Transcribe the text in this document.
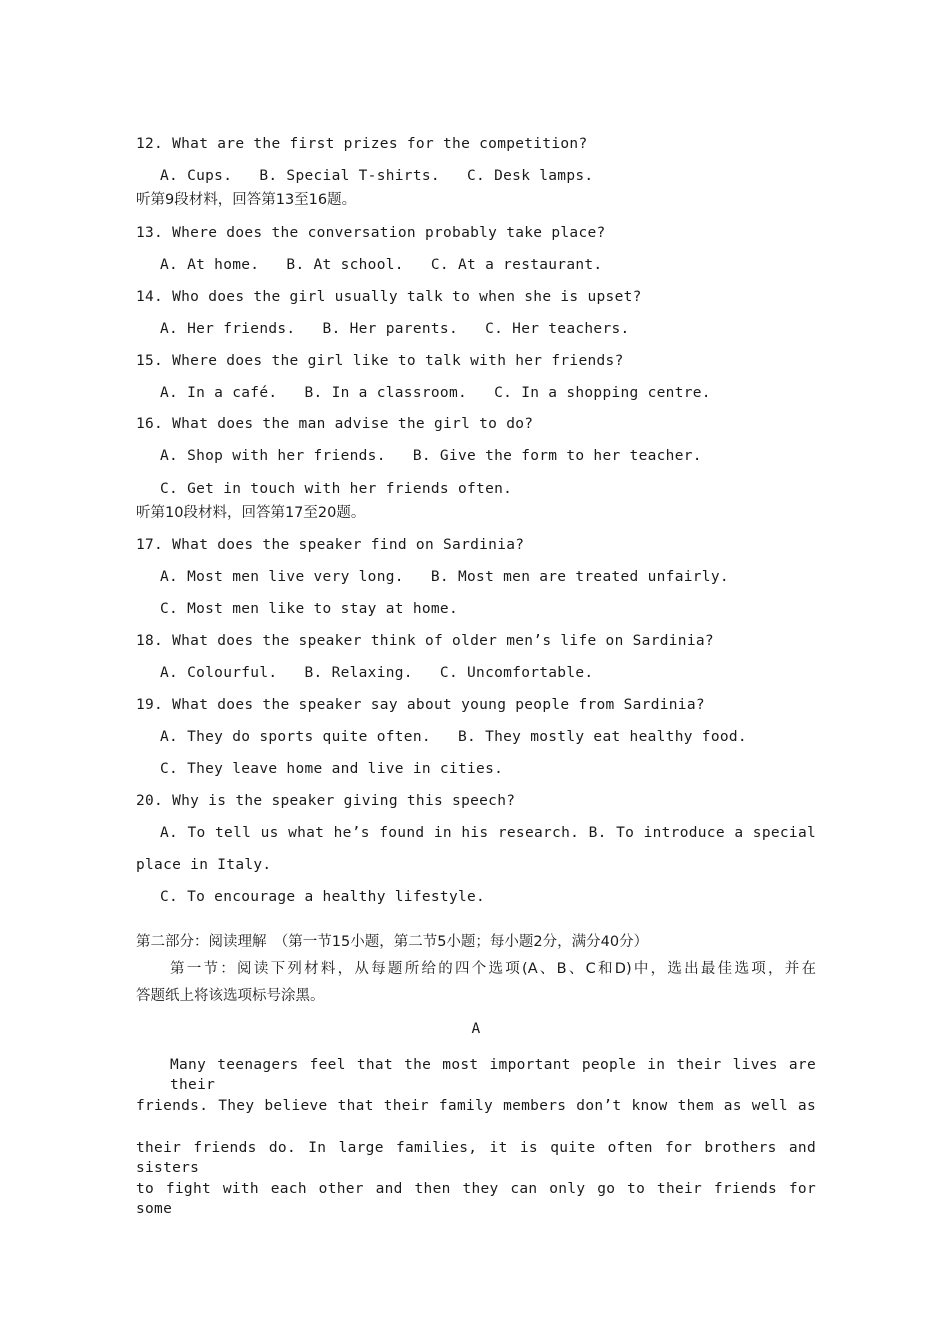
12. What are the first prizes for the competition?
A. Cups.   B. Special T-shirts.   C. Desk lamps.
听第9段材料，回答第13至16题。
13. Where does the conversation probably take place?
A. At home.   B. At school.   C. At a restaurant.
14. Who does the girl usually talk to when she is upset?
A. Her friends.   B. Her parents.   C. Her teachers.
15. Where does the girl like to talk with her friends?
A. In a café.   B. In a classroom.   C. In a shopping centre.
16. What does the man advise the girl to do?
A. Shop with her friends.   B. Give the form to her teacher.
C. Get in touch with her friends often.
听第10段材料，回答第17至20题。
17. What does the speaker find on Sardinia?
A. Most men live very long.   B. Most men are treated unfairly.
C. Most men like to stay at home.
18. What does the speaker think of older men’s life on Sardinia?
A. Colourful.   B. Relaxing.   C. Uncomfortable.
19. What does the speaker say about young people from Sardinia?
A. They do sports quite often.   B. They mostly eat healthy food.
C. They leave home and live in cities.
20. Why is the speaker giving this speech?
A. To tell us what he’s found in his research. B. To introduce a special
place in Italy.
C. To encourage a healthy lifestyle.
第二部分：阅读理解　（第一节15小题，第二节5小题；每小题2分，满分40分）
第一节：阅读下列材料，从每题所给的四个选项(A、B、C和D)中，选出最佳选项，并在
答题纸上将该选项标号涂黑。
A
Many teenagers feel that the most important people in their lives are their
friends. They believe that their family members don’t know them as well as
their friends do. In large families, it is quite often for brothers and sisters
to fight with each other and then they can only go to their friends for some
